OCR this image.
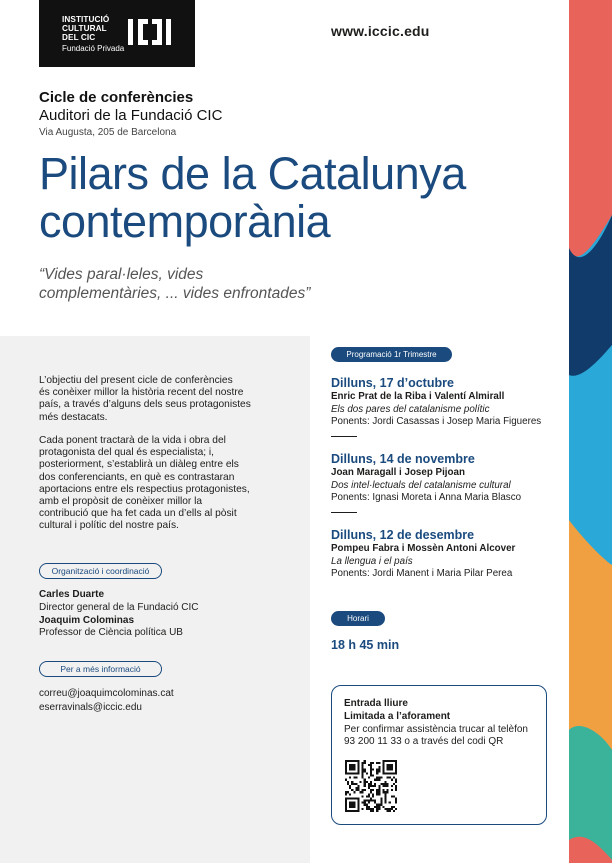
INSTITUCIÓ
CULTURAL
DEL CIC
Fundació Privada
www.iccic.edu
Cicle de conferències
Auditori de la Fundació CIC
Via Augusta, 205 de Barcelona
Pilars de la Catalunya
contemporània
“Vides paral·leles, vides
complementàries, ... vides enfrontades”
L’objectiu del present cicle de conferències
és conèixer millor la història recent del nostre
país, a través d’alguns dels seus protagonistes
més destacats.
Cada ponent tractarà de la vida i obra del
protagonista del qual és especialista; i,
posteriorment, s’establirà un diàleg entre els
dos conferenciants, en què es contrastaran
aportacions entre els respectius protagonistes,
amb el propòsit de conèixer millor la
contribució que ha fet cada un d’ells al pòsit
cultural i polític del nostre país.
Organització i coordinació
Carles Duarte
Director general de la Fundació CIC
Joaquim Colominas
Professor de Ciència política UB
Per a més informació
correu@joaquimcolominas.cat
eserravinals@iccic.edu
Programació 1r Trimestre
Dilluns, 17 d’octubre
Enric Prat de la Riba i Valentí Almirall
Els dos pares del catalanisme polític
Ponents: Jordi Casassas i Josep Maria Figueres
Dilluns, 14 de novembre
Joan Maragall i Josep Pijoan
Dos intel·lectuals del catalanisme cultural
Ponents: Ignasi Moreta i Anna Maria Blasco
Dilluns, 12 de desembre
Pompeu Fabra i Mossèn Antoni Alcover
La llengua i el país
Ponents: Jordi Manent i Maria Pilar Perea
Horari
18 h 45 min
Entrada lliure
Limitada a l’aforament
Per confirmar assistència trucar al telèfon
93 200 11 33 o a través del codi QR
